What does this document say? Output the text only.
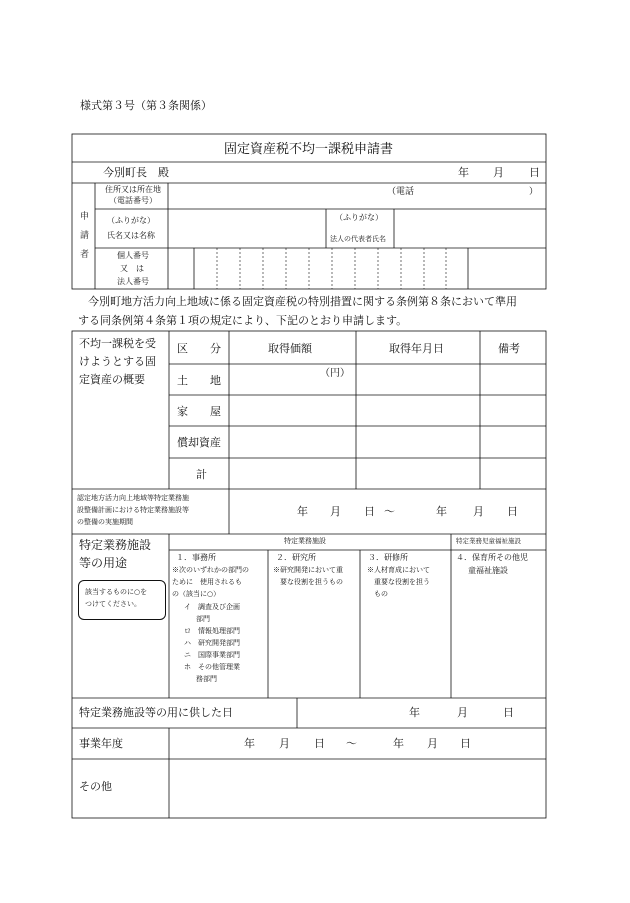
様式第３号（第３条関係）
固定資産税不均一課税申請書
今別町長　殿	年 月 日
申
請
者
住所又は所在地
（電話番号）
（電話	）
（ふりがな）
氏名又は名称
（ふりがな）
法人の代表者氏名
個人番号
又　は
法人番号
今別町地方活力向上地域に係る固定資産税の特別措置に関する条例第８条において準用
する同条例第４条第１項の規定により、下記のとおり申請します。
不均一課税を受
けようとする固
定資産の概要
区　　分	取得価額	取得年月日	備考
（円）
土　　地
家　　屋
償却資産
計
認定地方活力向上地域等特定業務施
設整備計画における特定業務施設等
の整備の実施期間
年 月 日 ～	年 月 日
特定業務施設
等の用途
該当するものに○を
つけてください。
特定業務施設	特定業務児童福祉施設
１．事務所
※次のいずれかの部門の
ために　使用されるも
の（該当に○）
イ　調査及び企画
部門
ロ　情報処理部門
ハ　研究開発部門
ニ　国際事業部門
ホ　その他管理業
務部門
２．研究所
※研究開発において重
要な役割を担うもの
３．研修所
※人材育成において
重要な役割を担う
もの
４．保育所その他児
童福祉施設
特定業務施設等の用に供した日	年	月	日
事業年度	年 月 日 ～	年 月 日
その他
